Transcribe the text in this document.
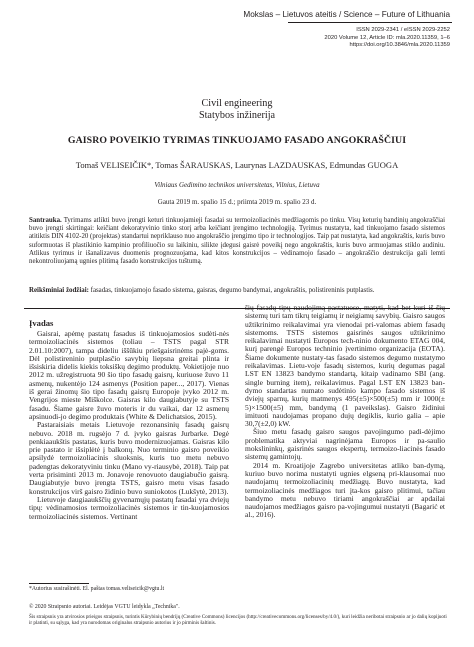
Mokslas – Lietuvos ateitis / Science – Future of Lithuania
ISSN 2029-2341 / eISSN 2029-2252
2020 Volume 12, Article ID: mla.2020.11359, 1–6
https://doi.org/10.3846/mla.2020.11359
Civil engineering
Statybos inžinerija
GAISRO POVEIKIO TYRIMAS TINKUOJAMO FASADO ANGOKRAŠČIUI
Tomaš VELISEIČIK*, Tomas ŠARAUSKAS, Laurynas LAZDAUSKAS, Edmundas GUOGA
Vilniaus Gedimino technikos universitetas, Vilnius, Lietuva
Gauta 2019 m. spalio 15 d.; priimta 2019 m. spalio 23 d.
Santrauka. Tyrimams atlikti buvo įrengti keturi tinkuojamieji fasadai su termoizoliacinės medžiagomis po tinku. Visų keturių bandinių angokraščiai buvo įrengti skirtingai: keičiant dekoratyvinio tinko storį arba keičiant įrengimo technologiją. Tyrimus nustatyta, kad tinkuojamo fasado sistemos atitiktis DIN 4102-20 (projektas) standartui nepriklauso nuo angokraščio įrengimo tipo ir technologijos. Taip pat nustatyta, kad angokraštis, kuris buvo suformuotas iš plastikinio kampinio profiliuočio su laikiniu, silikte įdegusi gaisrė poveikį nego angokraštis, kuris buvo armuojamas stiklo audiniu. Atlikus tyrimus ir išanalizavus duomenis prognozuojama, kad kitos konstrukcijos – vėdinamojo fasado – angokraščio destrukcija gali lemti nekontroliuojamą ugnies plitimą fasado konstrukcijos tuštumą.
Reikšminiai žodžiai: fasadas, tinkuojamojo fasado sistema, gaisras, degumo bandymai, angokraštis, polistireninis putplastis.
Įvadas

Gaisrai, apėmę pastatų fasadus iš tinkuojamosios sudėti-nės termoizoliacinės sistemos (toliau – TSTS pagal STR 2.01.10:2007), tampa dideliu iššūkiu priešgaisrinėms pajė-goms. Dėl polistireninio putplasčio savybių liepsna greitai plinta ir išsiskiria didelis kiekis toksiškų degimo produktų. Vokietijoje nuo 2012 m. užregistruota 90 šio tipo fasadų gaisrų, kuriuose žuvo 11 asmenų, nukentėjo 124 asmenys (Position paper..., 2017). Vienas iš gerai žinomų šio tipo fasadų gaisrų Europoje įvyko 2012 m. Vengrijos mieste Miškolce. Gaisras kilo daugiabutyje su TSTS fasadu. Šiame gaisre žuvo moteris ir du vaikai, dar 12 asmenų apsinuodi-jo degimo produktais (White & Delichatsios, 2015).

Pastaraisiais metais Lietuvoje rezonansinių fasadų gaisrų nebuvo. 2018 m. rugsėjo 7 d. įvyko gaisras Jurbarke. Degė penkiaaukštis pastatas, kuris buvo modernizuojamas. Gaisras kilo prie pastato ir išsiplėtė į balkonų. Nuo terminio gaisro poveikio apsilydė termoizoliacinis sluoksnis, kuris tuo metu nebuvo padengtas dekoratyviniu tinku (Mano vy-riausybė, 2018). Taip pat verta prisiminti 2013 m. Jonavoje renovuoto daugiabučio gaisrą. Daugiabutyje buvo įrengta TSTS, gaisro metu visas fasado konstrukcijos virš gaisro židinio buvo suniokotos (Lukšytė, 2013).

Lietuvoje daugiaaukščių gyvenamųjų pastatų fasadai yra dviejų tipų: vėdinamosios termoizoliacinės sistemos ir tin-kuojamosios termoizoliacinės sistemos. Vertinant

šių fasadų tipų naudojimą pastatuose, matyti, kad bet kuri iš šių sistemų turi tam tikrų teigiamų ir neigiamų savybių. Gaisro saugos užtikrinimo reikalavimai yra vienodai pri-valomas abiem fasadų sistemoms. TSTS sistemos gaisrinės saugos užtikrinimo reikalavimai nustatyti Europos tech-ninio dokumento ETAG 004, kurį parengė Europos techninio įvertinimo organizacija (EOTA). Šiame dokumente nustaty-tas fasado sistemos degumo nustatymo reikalavimas. Lietu-voje fasadų sistemos, kurių degumas pagal LST EN 13823 bandymo standartą, kitaip vadinamo SBI (ang. single burning item), reikalavimus. Pagal LST EN 13823 ban-dymo standartas numato sudėtinio kampo fasado sistemos iš dviejų sparnų, kurių matmenys 495(±5)×500(±5) mm ir 1000(± 5)×1500(±5) mm, bandymą (1 paveikslas). Gaisro židiniui imituoti naudojamas propano dujų degiklis, kurio galia – apie 30,7(±2,0) kW.

Šiuo metu fasadų gaisro saugos pavojingumo padi-dėjimo problematika aktyviai nagrinėjama Europos ir pa-saulio mokslininkų, gaisrinės saugos ekspertų, termoizo-liacinės fasado sistemų gamintojų.

2014 m. Kroatijoje Zagrebo universitetas atliko ban-dymą, kuriuo buvo norima nustatyti ugnies elgseną pri-klausomai nuo naudojamų termoizoliacinių medžiagų. Buvo nustatyta, kad termoizoliacinės medžiagos turi įta-kos gaisro plitimui, tačiau bandymo metu nebuvo tiriami angokraščiai ar apdailai naudojamos medžiagos gaisro pa-vojingumui nustatyti (Bagarić et al., 2016).

*Autorius susirašinėti. El. paštas tomas.veliseicik@vgtu.lt
© 2020 Straipsnio autoriai. Leidėjas VGTU leidykla „Technika".
Šis straipsnis yra atvirosios prieigos straipsnis, turintis Kūrybinių bendrijų (Creative Commons) licencijos (http://creativecommons.org/licenses/by/4.0/), kuri leidžia neribotai straipsnio ar jo dalių kopijuoti ir platinti, su sąlyga, kad yra nurodomas originalus straipsnio autorius ir jo pirminis šaltinis.
